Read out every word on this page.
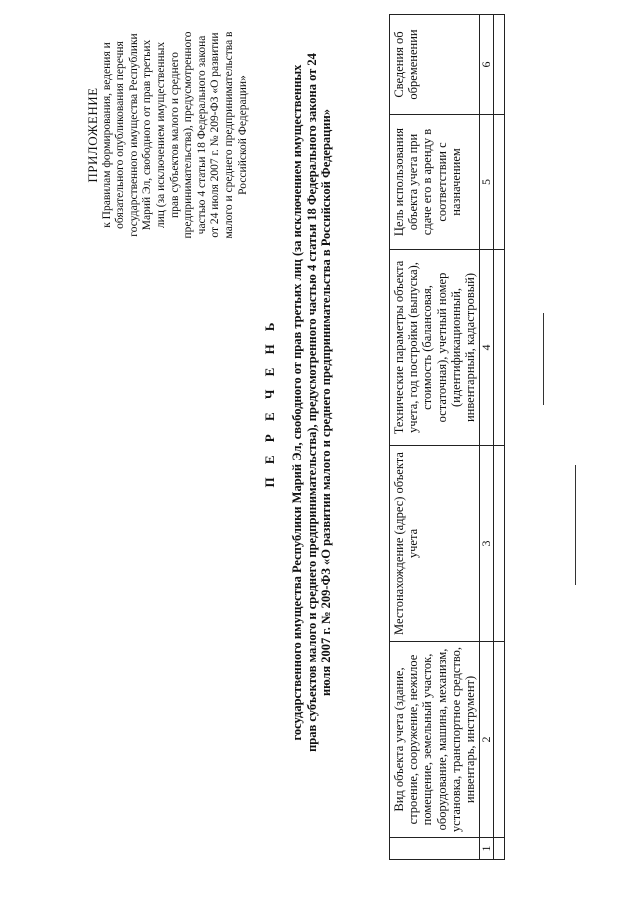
ПРИЛОЖЕНИЕ к Правилам формирования, ведения и обязательного опубликования перечня государственного имущества Республики Марий Эл, свободного от прав третьих лиц (за исключением имущественных прав субъектов малого и среднего предпринимательства), предусмотренного частью 4 статьи 18 Федерального закона от 24 июля 2007 г. № 209-ФЗ «О развитии малого и среднего предпринимательства в Российской Федерации»
П Е Р Е Ч Е Н Ь государственного имущества Республики Марий Эл, свободного от прав третьих лиц (за исключением имущественных прав субъектов малого и среднего предпринимательства), предусмотренного частью 4 статьи 18 Федерального закона от 24 июля 2007 г. № 209-ФЗ «О развитии малого и среднего предпринимательства в Российской Федерации»
	Вид объекта учета (здание, строение, сооружение, нежилое помещение, земельный участок, оборудование, машина, механизм, установка, транспортное средство, инвентарь, инструмент)	Местонахождение (адрес) объекта учета	Технические параметры объекта учета, год постройки (выпуска), стоимость (балансовая, остаточная), учетный номер (идентификационный, инвентарный, кадастровый)	Цель использования объекта учета при сдаче его в аренду в соответствии с назначением	Сведения об обременении
1	2	3	4	5	6
